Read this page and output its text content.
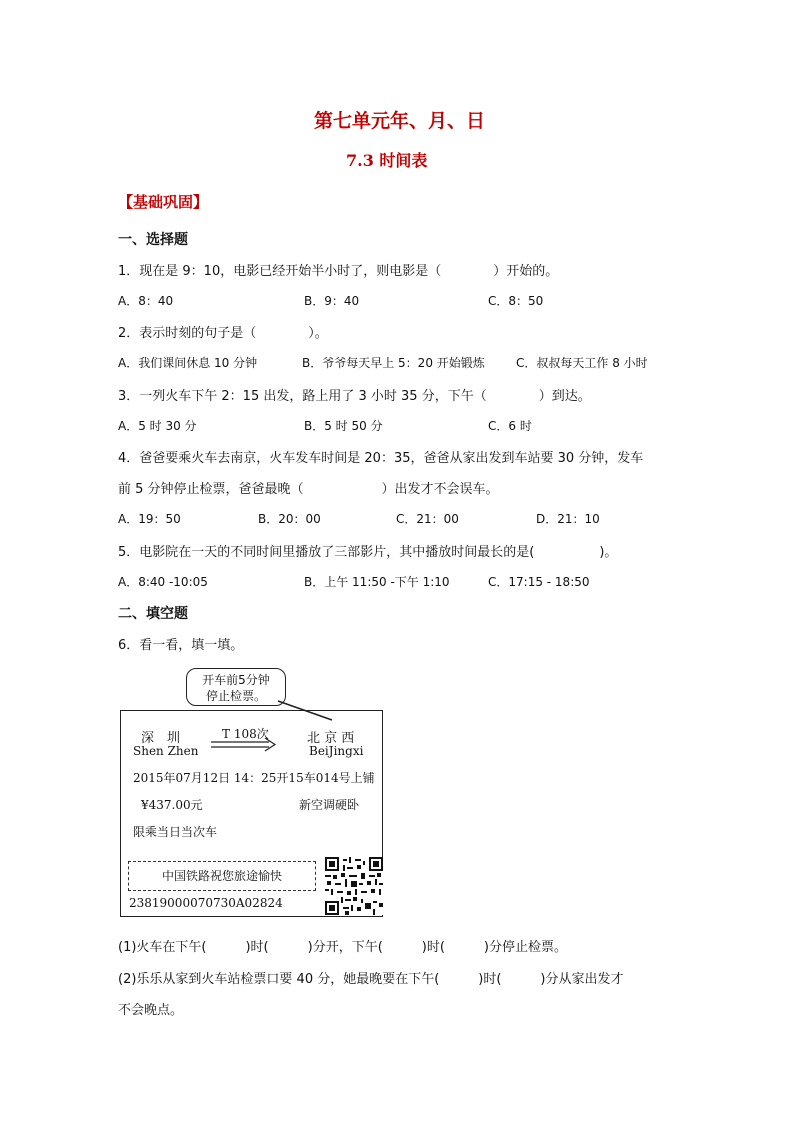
第七单元年、月、日
7.3 时间表
【基础巩固】
一、选择题
1．现在是 9：10，电影已经开始半小时了，则电影是（　　　　）开始的。
A．8：40	B．9：40	C．8：50
2．表示时刻的句子是（　　　　）。
A．我们课间休息 10 分钟	B．爷爷每天早上 5：20 开始锻炼	C．叔叔每天工作 8 小时
3．一列火车下午 2：15 出发，路上用了 3 小时 35 分，下午（　　　　）到达。
A．5 时 30 分	B．5 时 50 分	C．6 时
4．爸爸要乘火车去南京，火车发车时间是 20：35，爸爸从家出发到车站要 30 分钟，发车
前 5 分钟停止检票，爸爸最晚（　　　　　　）出发才不会误车。
A．19：50	B．20：00	C．21：00	D．21：10
5．电影院在一天的不同时间里播放了三部影片，其中播放时间最长的是(　　　　　)。
A．8:40 -10:05	B．上午 11:50 -下午 1:10	C．17:15 - 18:50
二、填空题
6．看一看，填一填。
开车前5分钟
停止检票。
深　圳
Shen Zhen
T 108次	北 京 西
BeiJingxi
2015年07月12日 14：25开15车014号上铺
¥437.00元	新空调硬卧
限乘当日当次车
中国铁路祝您旅途愉快
23819000070730A02824
(1)火车在下午(　　　)时(　　　)分开，下午(　　　)时(　　　)分停止检票。
(2)乐乐从家到火车站检票口要 40 分，她最晚要在下午(　　　)时(　　　)分从家出发才
不会晚点。
